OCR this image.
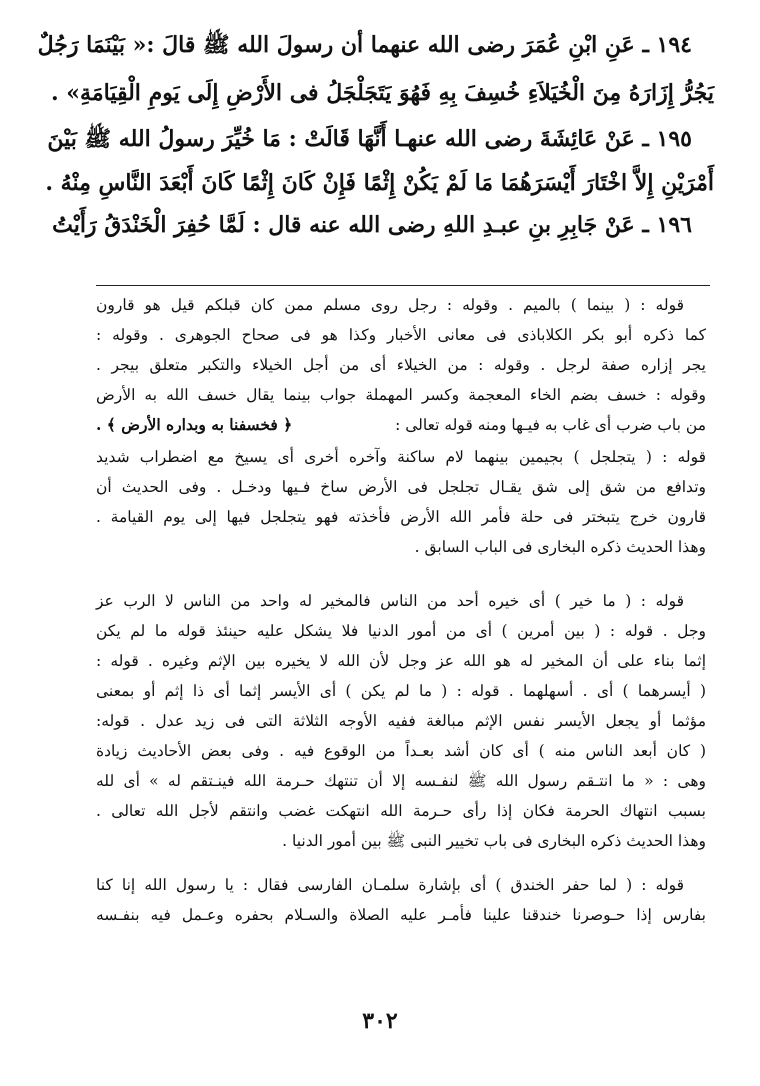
١٩٤ ـ عَنِ ابْنِ عُمَرَ رضى الله عنهما أن رسولَ الله ﷺ قالَ :« بَيْنَمَا رَجُلٌ
يَجُرُّ إِزَارَهُ مِنَ الْخُيَلاَءِ خُسِفَ بِهِ فَهُوَ يَتَجَلْجَلُ فى الأَرْضِ إِلَى يَومِ الْقِيَامَةِ» .
١٩٥ ـ عَنْ عَائِشَةَ رضى الله عنهـا أَنَّهَا قَالَتْ : مَا خُيِّرَ رسولُ الله ﷺ بَيْنَ
أَمْرَيْنِ إِلاَّ اخْتَارَ أَيْسَرَهُمَا مَا لَمْ يَكُنْ إِثْمًا فَإِنْ كَانَ إِثْمًا كَانَ أَبْعَدَ النَّاسِ مِنْهُ .
١٩٦ ـ عَنْ جَابِرِ بنِ عبـدِ اللهِ رضى الله عنه قال : لَمَّا حُفِرَ الْخَنْدَقُ رَأَيْتُ
قوله : ( بينما ) بالميم . وقوله : رجل روى مسلم ممن كان قبلكم قيل هو قارون
كما ذكره أبو بكر الكلاباذى فى معانى الأخبار وكذا هو فى صحاح الجوهرى . وقوله :
يجر إزاره صفة لرجل . وقوله : من الخيلاء أى من أجل الخيلاء والتكبر متعلق بيجر .
وقوله : خسف بضم الخاء المعجمة وكسر المهملة جواب بينما يقال خسف الله به الأرض
من باب ضرب أى غاب به فيـها ومنه قوله تعالى :
﴿ فخسفنا به وبداره الأرض ﴾ .
قوله : ( يتجلجل ) بجيمين بينهما لام ساكنة وآخره أخرى أى يسيخ مع اضطراب شديد
وتدافع من شق إلى شق يقـال تجلجل فى الأرض ساخ فـيها ودخـل . وفى الحديث أن
قارون خرج يتبختر فى حلة فأمر الله الأرض فأخذته فهو يتجلجل فيها إلى يوم القيامة .
وهذا الحديث ذكره البخارى فى الباب السابق .
قوله : ( ما خير ) أى خيره أحد من الناس فالمخير له واحد من الناس لا الرب عز
وجل . قوله : ( بين أمرين ) أى من أمور الدنيا فلا يشكل عليه حينئذ قوله ما لم يكن
إثما بناء على أن المخير له هو الله عز وجل لأن الله لا يخيره بين الإثم وغيره . قوله :
( أيسرهما ) أى . أسهلهما . قوله : ( ما لم يكن ) أى الأيسر إثما أى ذا إثم أو بمعنى
مؤثما أو يجعل الأيسر نفس الإثم مبالغة ففيه الأوجه الثلاثة التى فى زيد عدل . قوله:
( كان أبعد الناس منه ) أى كان أشد بعـداً من الوقوع فيه . وفى بعض الأحاديث زيادة
وهى : « ما انتـقم رسول الله ﷺ لنفـسه إلا أن تنتهك حـرمة الله فينـتقم له » أى لله
بسبب انتهاك الحرمة فكان إذا رأى حـرمة الله انتهكت غضب وانتقم لأجل الله تعالى .
وهذا الحديث ذكره البخارى فى باب تخيير النبى ﷺ بين أمور الدنيا .
قوله : ( لما حفر الخندق ) أى بإشارة سلمـان الفارسى فقال : يا رسول الله إنا كنا
بفارس إذا حـوصرنا خندقنا علينا فأمـر عليه الصلاة والسـلام بحفره وعـمل فيه بنفـسه
٣٠٢
